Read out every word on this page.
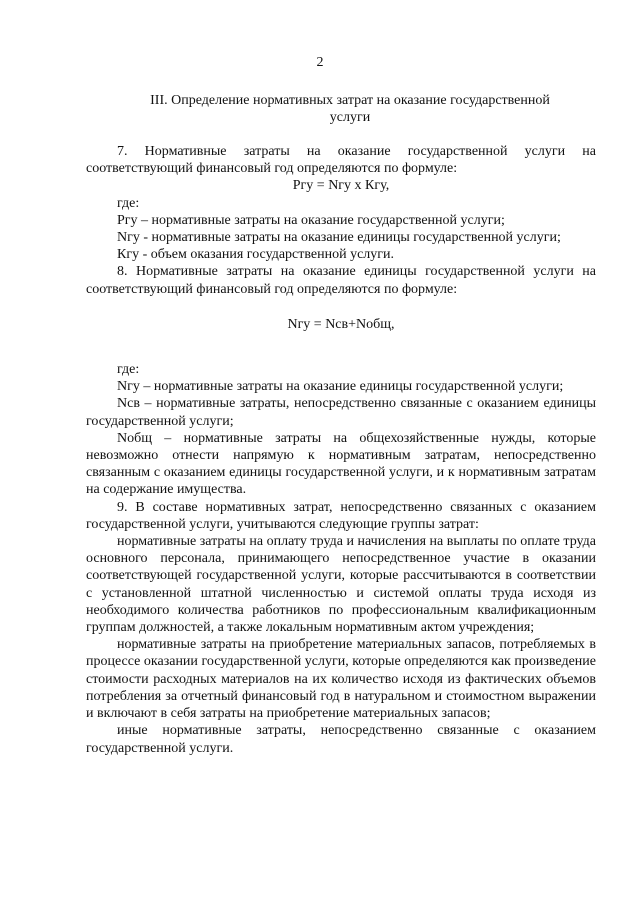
2
III. Определение нормативных затрат на оказание государственной
услуги

7. Нормативные затраты на оказание государственной услуги на соответствующий финансовый год определяются по формуле:

Ргу = Nгу х Кгу,

где:

Ргу – нормативные затраты на оказание государственной услуги;

Nгу - нормативные затраты на оказание единицы государственной услуги;

Кгу - объем оказания государственной услуги.

8. Нормативные затраты на оказание единицы государственной услуги на соответствующий финансовый год определяются по формуле:

Nгу = Nсв+Nобщ,

где:

Nгу – нормативные затраты на оказание единицы государственной услуги;

Nсв – нормативные затраты, непосредственно связанные с оказанием единицы государственной услуги;

Nобщ – нормативные затраты на общехозяйственные нужды, которые невозможно отнести напрямую к нормативным затратам, непосредственно связанным с оказанием единицы государственной услуги, и к нормативным затратам на содержание имущества.

9. В составе нормативных затрат, непосредственно связанных с оказанием государственной услуги, учитываются следующие группы затрат:

нормативные затраты на оплату труда и начисления на выплаты по оплате труда основного персонала, принимающего непосредственное участие в оказании соответствующей государственной услуги, которые рассчитываются в соответствии с установленной штатной численностью и системой оплаты труда исходя из необходимого количества работников по профессиональным квалификационным группам должностей, а также локальным нормативным актом учреждения;

нормативные затраты на приобретение материальных запасов, потребляемых в процессе оказании государственной услуги, которые определяются как произведение стоимости расходных материалов на их количество исходя из фактических объемов потребления за отчетный финансовый год в натуральном и стоимостном выражении и включают в себя затраты на приобретение материальных запасов;

иные нормативные затраты, непосредственно связанные с оказанием государственной услуги.
